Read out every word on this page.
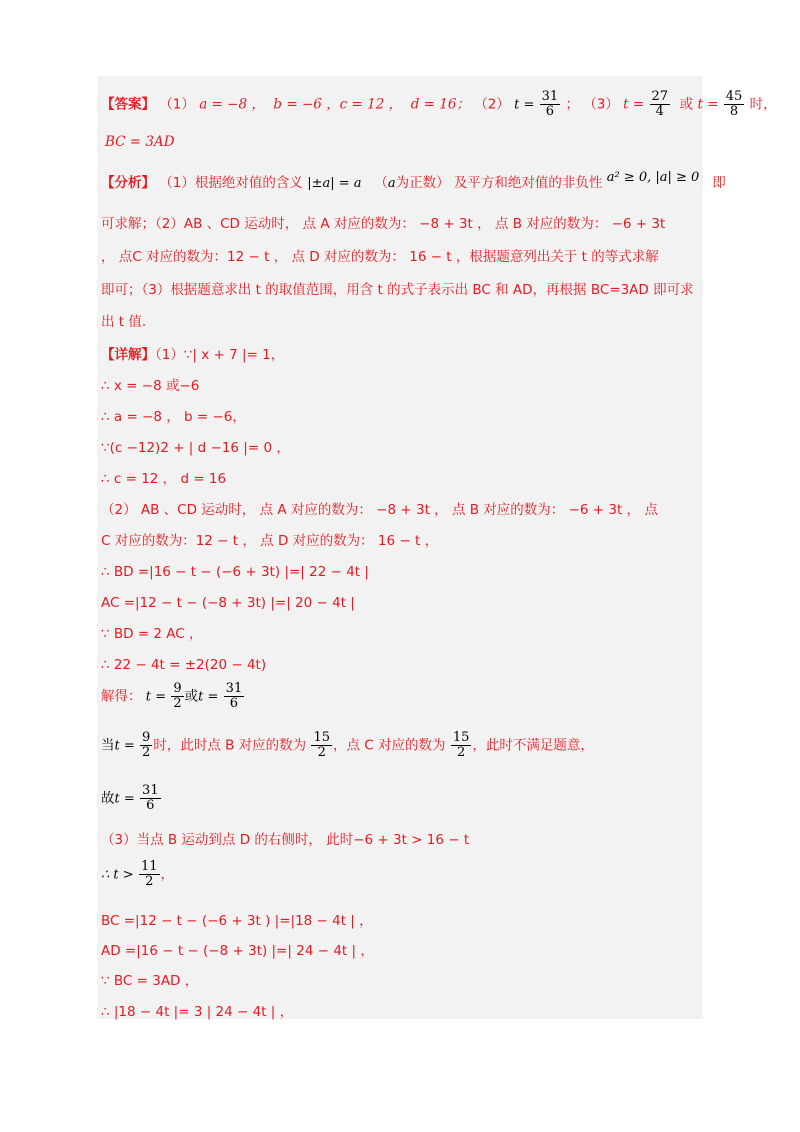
【答案】 （1） a = −8 ， b = −6 ，c = 12 ， d = 16； （2） $t = \frac{31}{6}$ ； （3） $t = \frac{27}{4}$ 或 $t = \frac{45}{8}$ 时，
BC = 3AD
【分析】 （1）根据绝对值的含义 |±a| = a （a为正数） 及平方和绝对值的非负性 a² ≥ 0, |a| ≥ 0 即
可求解；（2）AB 、CD 运动时， 点 A 对应的数为： −8 + 3t ， 点 B 对应的数为： −6 + 3t
， 点C 对应的数为：12 − t ， 点 D 对应的数为： 16 − t ，根据题意列出关于 t 的等式求解
即可；（3）根据题意求出 t 的取值范围，用含 t 的式子表示出 BC 和 AD，再根据 BC=3AD 即可求
出 t 值.
【详解】（1）∵| x + 7 |= 1，
∴ x = −8 或−6
∴ a = −8 ， b = −6，
∵(c −12)2 + | d −16 |= 0 ，
∴ c = 12 ， d = 16
（2） AB 、CD 运动时， 点 A 对应的数为： −8 + 3t ， 点 B 对应的数为： −6 + 3t ， 点
C 对应的数为：12 − t ， 点 D 对应的数为： 16 − t ，
∴ BD =|16 − t − (−6 + 3t) |=| 22 − 4t |
AC =|12 − t − (−8 + 3t) |=| 20 − 4t |
∵ BD = 2 AC ，
∴ 22 − 4t = ±2(20 − 4t)
解得： $t = \frac{9}{2}$ 或$t = \frac{31}{6}$
当$t = \frac{9}{2}$ 时，此时点 B 对应的数为 $\frac{15}{2}$ ，点 C 对应的数为 $\frac{15}{2}$ ，此时不满足题意，
故$t = \frac{31}{6}$
（3）当点 B 运动到点 D 的右侧时， 此时−6 + 3t > 16 − t
∴ $t > \frac{11}{2}$ ，
BC =|12 − t − (−6 + 3t ) |=|18 − 4t | ，
AD =|16 − t − (−8 + 3t) |=| 24 − 4t | ，
∵ BC = 3AD ，
∴ |18 − 4t |= 3 | 24 − 4t | ，
